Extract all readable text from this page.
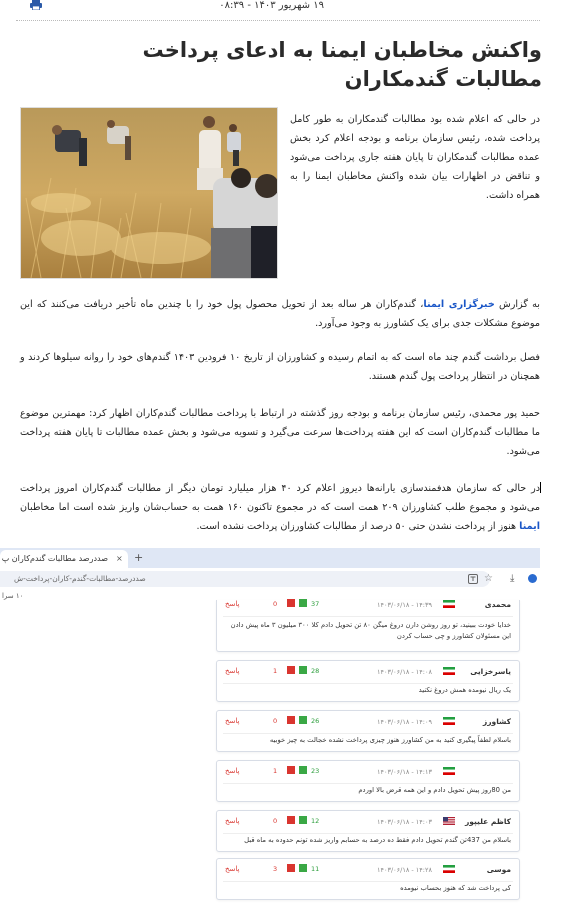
۱۹ شهریور ۱۴۰۳ - ۰۸:۳۹
واکنش مخاطبان ایمنا به ادعای پرداخت مطالبات گندمکاران
در حالی که اعلام شده بود مطالبات گندمکاران به طور کامل پرداخت شده، رئیس سازمان برنامه و بودجه اعلام کرد بخش عمده مطالبات گندمکاران تا پایان هفته جاری پرداخت می‌شود و تناقض در اظهارات بیان شده واکنش مخاطبان ایمنا را به همراه داشت.
به گزارش خبرگزاری ایمنا، گندم‌کاران هر ساله بعد از تحویل محصول پول خود را با چندین ماه تأخیر دریافت می‌کنند که این موضوع مشکلات جدی برای یک کشاورز به وجود می‌آورد.
فصل برداشت گندم چند ماه است که به اتمام رسیده و کشاورزان از تاریخ ۱۰ فرودین ۱۴۰۳ گندم‌های خود را روانه سیلوها کردند و همچنان در انتظار پرداخت پول گندم هستند.
حمید پور محمدی، رئیس سازمان برنامه و بودجه روز گذشته در ارتباط با پرداخت مطالبات گندم‌کاران اظهار کرد: مهمترین موضوع ما مطالبات گندم‌کاران است که این هفته پرداخت‌ها سرعت می‌گیرد و تسویه می‌شود و بخش عمده مطالبات تا پایان هفته پرداخت می‌شود.
در حالی که سازمان هدفمندسازی یارانه‌ها دیروز اعلام کرد ۴۰ هزار میلیارد تومان دیگر از مطالبات گندم‌کاران امروز پرداخت می‌شود و مجموع طلب کشاورزان ۲۰۹ همت است که در مجموع تاکنون ۱۶۰ همت به حساب‌شان واریز شده است اما مخاطبان ایمنا هنوز از پرداخت نشدن حتی ۵۰ درصد از مطالبات کشاورزان پرداخت نشده است.
صددرصد مطالبات گندم‌کاران پ	× +
صددرصد-مطالبات-گندم-کاران-پرداخت-ش	☆ ⤓
۱۰ سرا
محمدی
۱۴۰۳/۰۶/۱۸ - ۱۴:۳۹
37
0
پاسخ
خدایا خودت ببینید، تو روز روشن دارن دروغ میگن ۸۰ تن تحویل دادم کلا ۳۰۰ میلیون ۳ ماه پیش دادن این مسئولان کشاورز و چی حساب کردن
یاسرخزایی
۱۴۰۳/۰۶/۱۸ - ۱۴:۰۸
28
1
پاسخ
یک ریال نیومده همش دروغ نکنید
کشاورز
۱۴۰۳/۰۶/۱۸ - ۱۴:۰۹
26
0
پاسخ
باسلام لطفاً پیگیری کنید به من کشاورز هنوز چیزی پرداخت نشده خجالت به چیز خوبیه
۱۴۰۳/۰۶/۱۸ - ۱۴:۱۳
23
1
پاسخ
من 80روز پیش تحویل دادم و این همه قرض بالا اوردم
کاظم علیپور
۱۴۰۳/۰۶/۱۸ - ۱۴:۰۳
12
0
پاسخ
باسلام من 437تن گندم تحویل دادم فقط ده درصد به حسابم واریز شده تونم حدوده به ماه قبل
موسی
۱۴۰۳/۰۶/۱۸ - ۱۴:۲۸
11
3
پاسخ
کی پرداخت شد که هنوز بحساب نیومده
